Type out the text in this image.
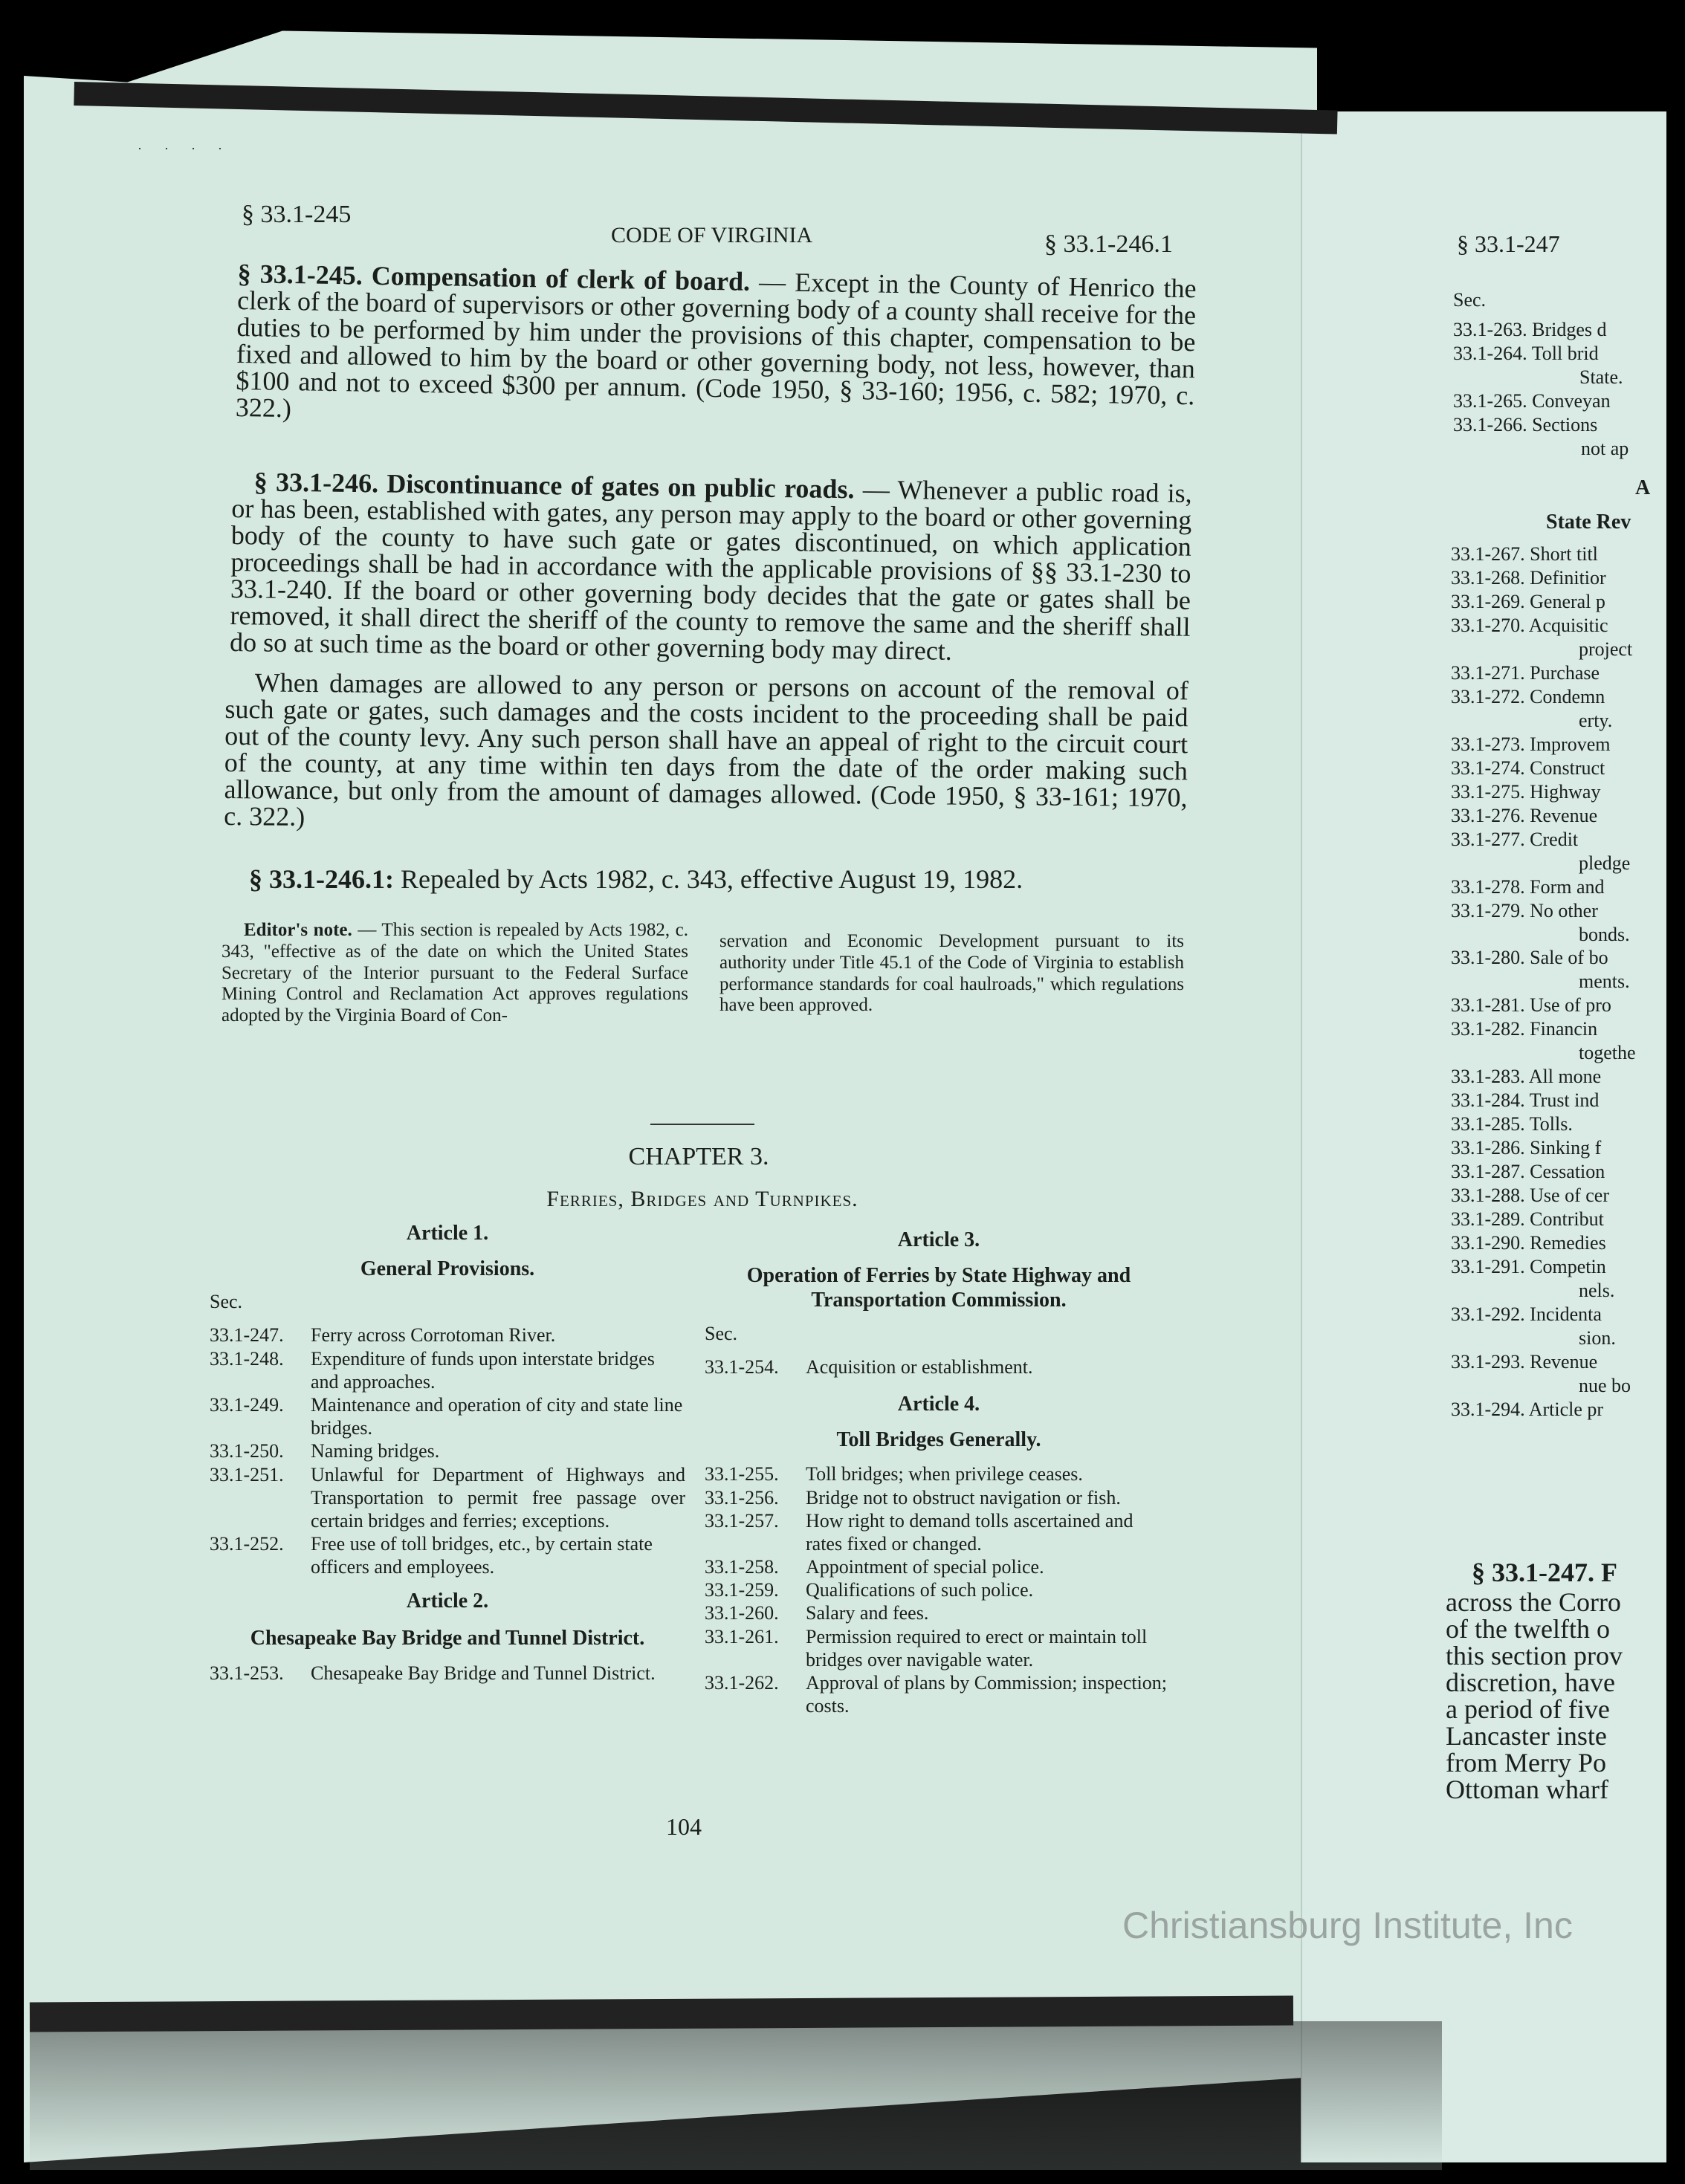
····
§ 33.1-245
CODE OF VIRGINIA	§ 33.1-246.1

§ 33.1-245. Compensation of clerk of board. — Except in the County of Henrico the clerk of the board of supervisors or other governing body of a county shall receive for the duties to be performed by him under the provisions of this chapter, compensation to be fixed and allowed to him by the board or other governing body, not less, however, than $100 and not to exceed $300 per annum. (Code 1950, § 33-160; 1956, c. 582; 1970, c. 322.)

§ 33.1-246. Discontinuance of gates on public roads. — Whenever a public road is, or has been, established with gates, any person may apply to the board or other governing body of the county to have such gate or gates discontinued, on which application proceedings shall be had in accordance with the applicable provisions of §§ 33.1-230 to 33.1-240. If the board or other governing body decides that the gate or gates shall be removed, it shall direct the sheriff of the county to remove the same and the sheriff shall do so at such time as the board or other governing body may direct.

When damages are allowed to any person or persons on account of the removal of such gate or gates, such damages and the costs incident to the proceeding shall be paid out of the county levy. Any such person shall have an appeal of right to the circuit court of the county, at any time within ten days from the date of the order making such allowance, but only from the amount of damages allowed. (Code 1950, § 33-161; 1970, c. 322.)

§ 33.1-246.1: Repealed by Acts 1982, c. 343, effective August 19, 1982.

Editor's note. — This section is repealed by Acts 1982, c. 343, "effective as of the date on which the United States Secretary of the Interior pursuant to the Federal Surface Mining Control and Reclamation Act approves regulations adopted by the Virginia Board of Con-

servation and Economic Development pursuant to its authority under Title 45.1 of the Code of Virginia to establish performance standards for coal haulroads," which regulations have been approved.

CHAPTER 3.
Ferries, Bridges and Turnpikes.
Article 1.
General Provisions.
Sec.
33.1-247.	Ferry across Corrotoman River.
33.1-248.	Expenditure of funds upon interstate bridges and approaches.
33.1-249.	Maintenance and operation of city and state line bridges.
33.1-250.	Naming bridges.
33.1-251.	Unlawful for Department of Highways and Transportation to permit free passage over certain bridges and ferries; exceptions.
33.1-252.	Free use of toll bridges, etc., by certain state officers and employees.
Article 2.
Chesapeake Bay Bridge and Tunnel District.
33.1-253.	Chesapeake Bay Bridge and Tunnel District.
Article 3.
Operation of Ferries by State Highway and Transportation Commission.
Sec.
33.1-254.	Acquisition or establishment.
Article 4.
Toll Bridges Generally.
33.1-255.	Toll bridges; when privilege ceases.
33.1-256.	Bridge not to obstruct navigation or fish.
33.1-257.	How right to demand tolls ascertained and rates fixed or changed.
33.1-258.	Appointment of special police.
33.1-259.	Qualifications of such police.
33.1-260.	Salary and fees.
33.1-261.	Permission required to erect or maintain toll bridges over navigable water.
33.1-262.	Approval of plans by Commission; inspection; costs.
104
§ 33.1-247
Sec.
33.1-263. Bridges d
33.1-264. Toll brid
State.
33.1-265. Conveyan
33.1-266. Sections
not ap
A
State Rev
33.1-267. Short titl
33.1-268. Definitior
33.1-269. General p
33.1-270. Acquisitic
project
33.1-271. Purchase
33.1-272. Condemn
erty.
33.1-273. Improvem
33.1-274. Construct
33.1-275. Highway
33.1-276. Revenue
33.1-277. Credit
pledge
33.1-278. Form and
33.1-279. No other
bonds.
33.1-280. Sale of bo
ments.
33.1-281. Use of pro
33.1-282. Financin
togethe
33.1-283. All mone
33.1-284. Trust ind
33.1-285. Tolls.
33.1-286. Sinking f
33.1-287. Cessation
33.1-288. Use of cer
33.1-289. Contribut
33.1-290. Remedies
33.1-291. Competin
nels.
33.1-292. Incidenta
sion.
33.1-293. Revenue
nue bo
33.1-294. Article pr
§ 33.1-247. F
across the Corro
of the twelfth o
this section prov
discretion, have
a period of five
Lancaster inste
from Merry Po
Ottoman wharf
Christiansburg Institute, Inc
